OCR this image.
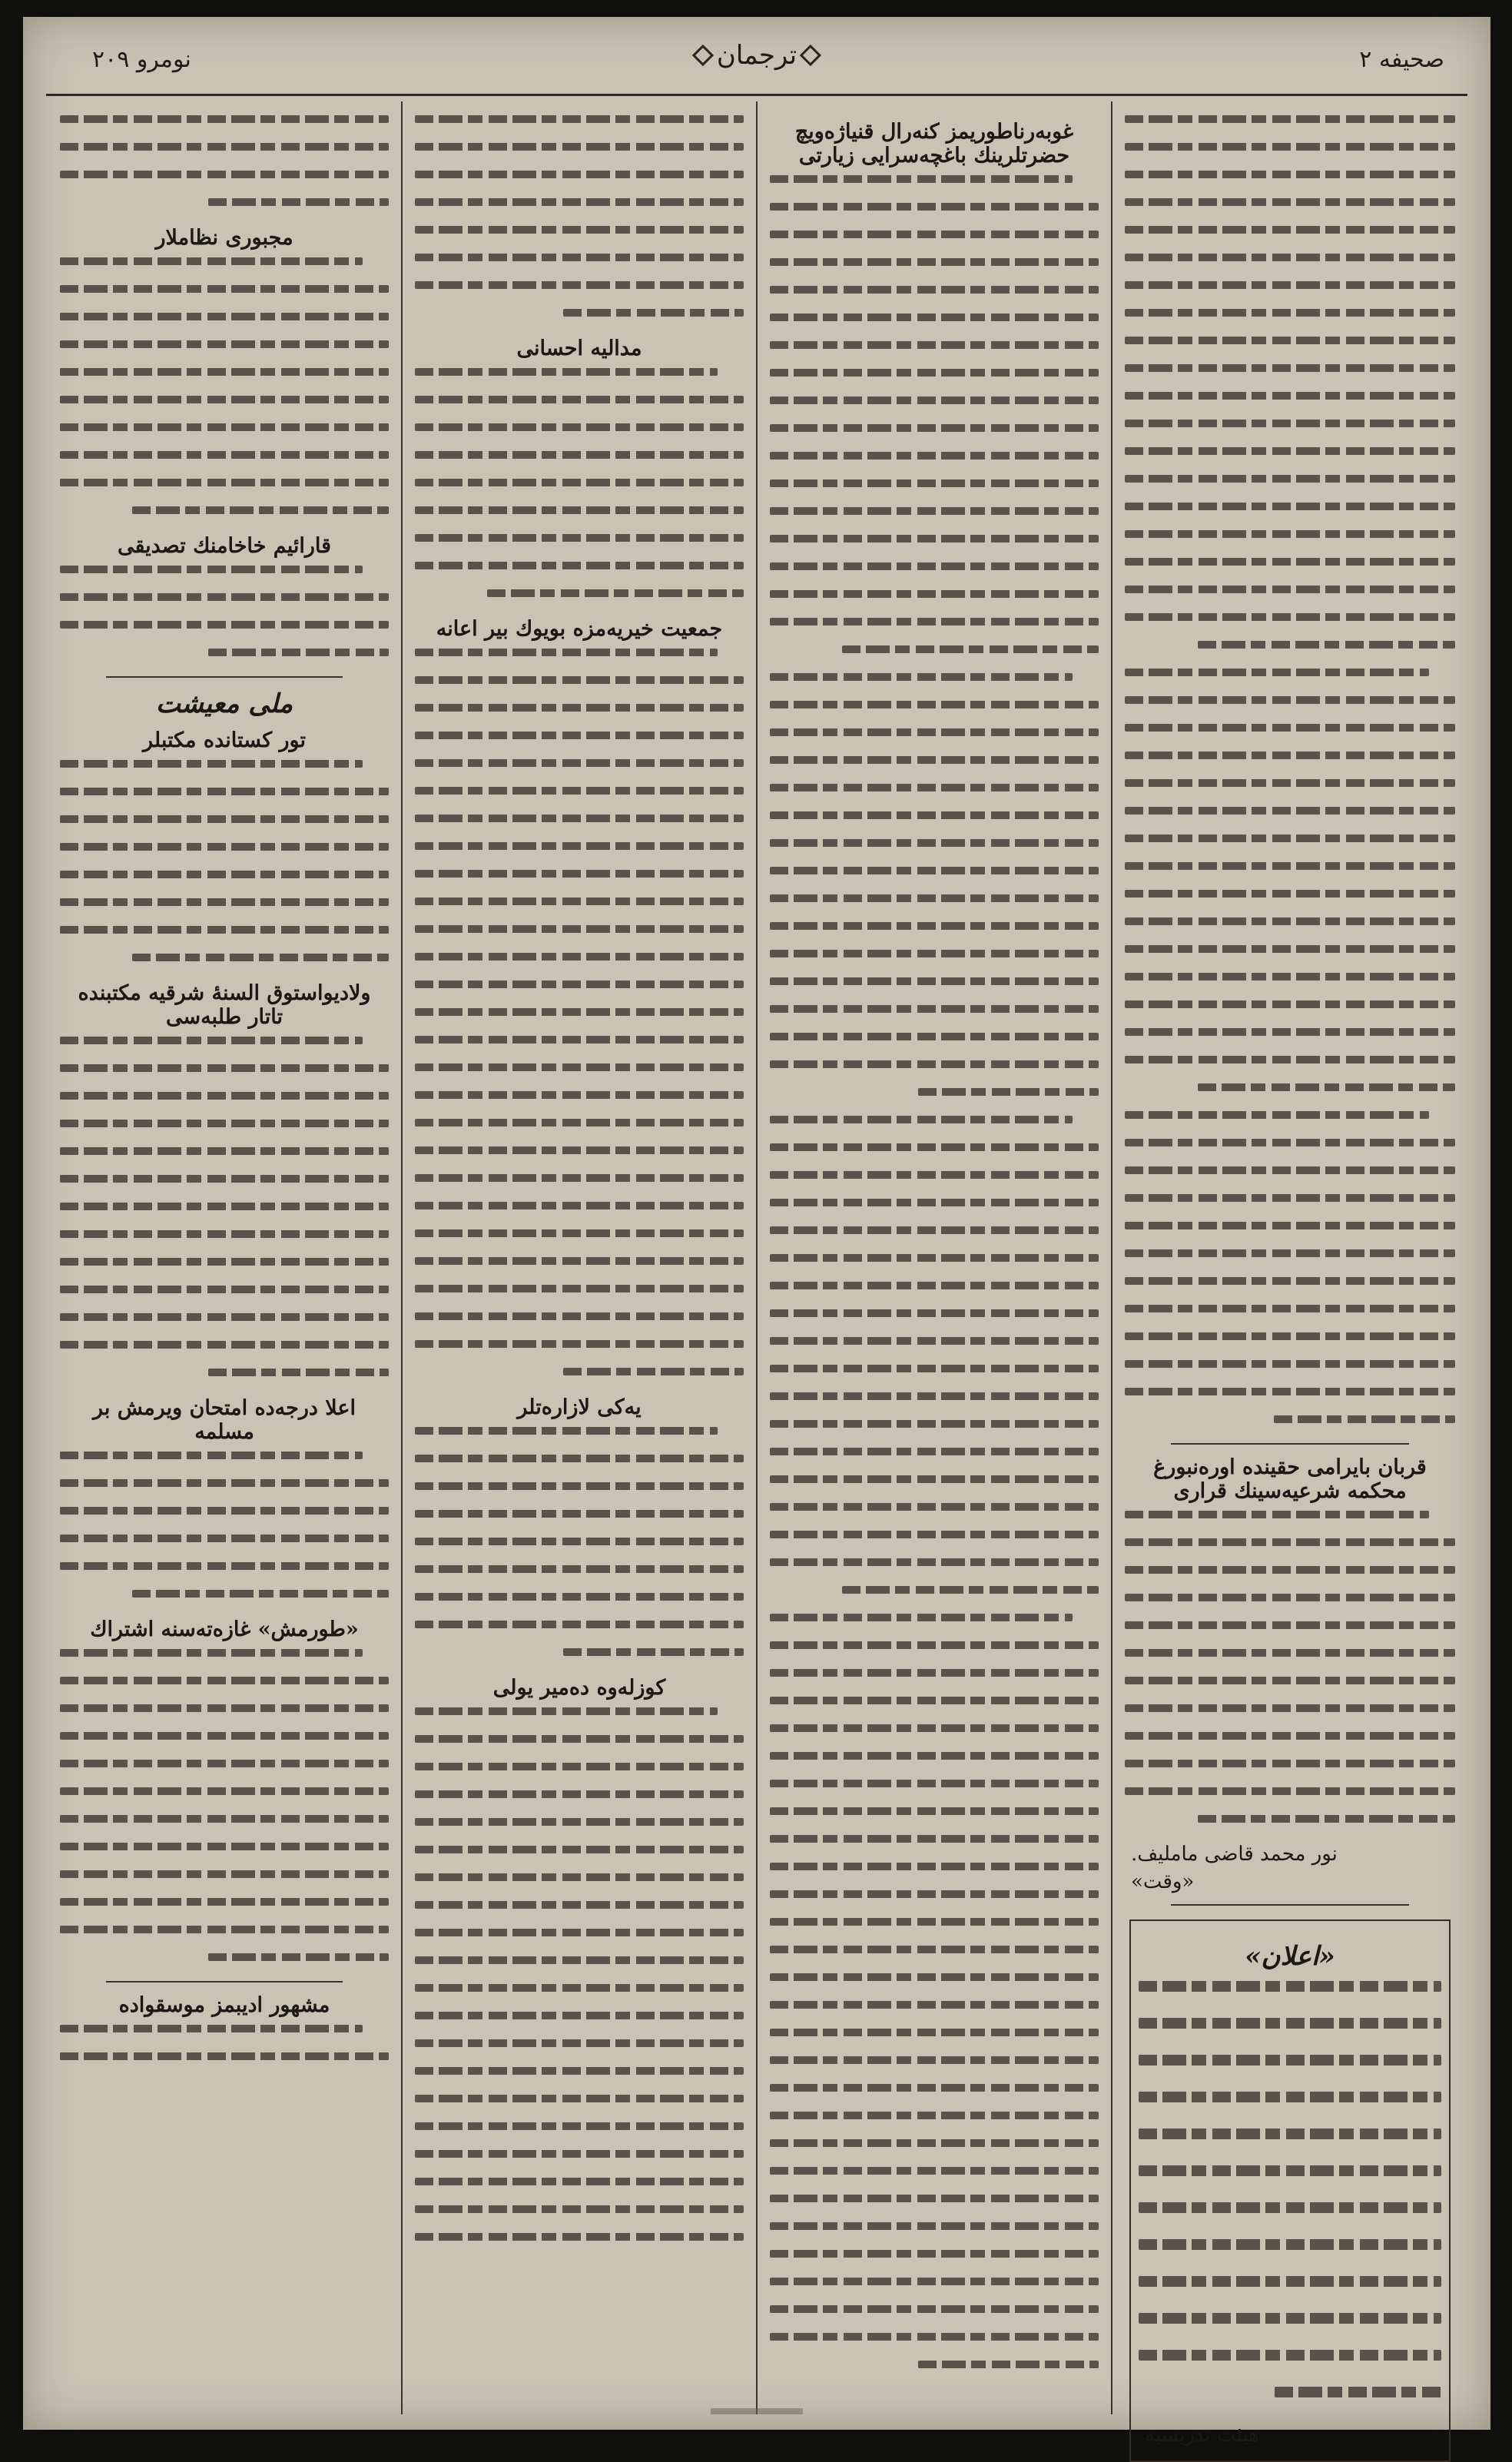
صحیفه ۲
ترجمان
نومرو ۲۰۹
قربان بایرامی حقینده اورەنبورغ محکمه شرعیەسینك قراری
نور محمد قاضی مامليف.
«وقت»
«اعلان»
هيئت تدريسيه
غوبەرناطوریمز کنەرال قنیاژەویچ حضرتلرینك باغچەسرایی زیارتی
مدالیه احسانی
جمعیت خیریەمزه بویوك بیر اعانه
یه‌کی لازاره‌تلر
کوزلەوه دەمیر یولی
مجبوری نظاملار
قارائیم خاخامنك تصدیقی
ملی معیشت
تور کستانده مکتبلر
ولادیواستوق السنهٔ شرقیه مکتبنده تاتار طلبه‌سی
اعلا درجه‌ده امتحان ویرمش بر مسلمه
«طورمش» غازه‌ته‌سنه اشتراك
مشهور ادیبمز موسقواده
